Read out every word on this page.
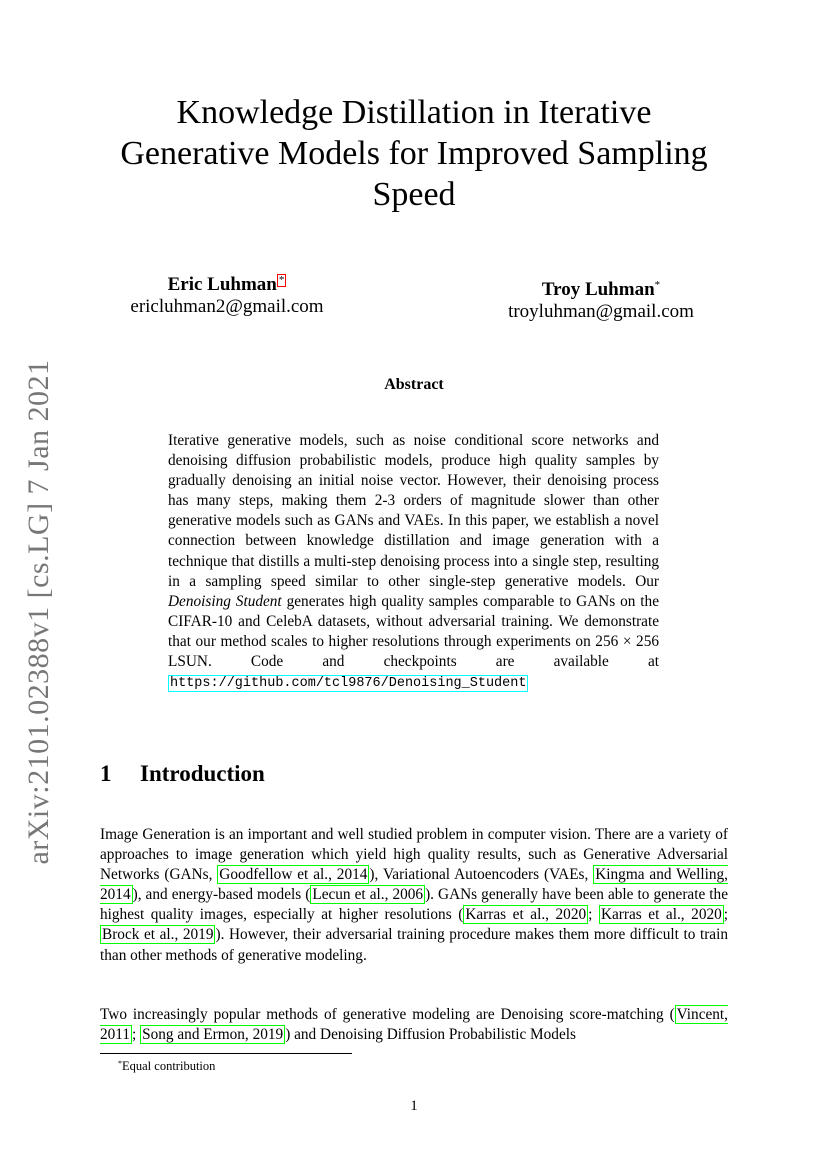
arXiv:2101.02388v1 [cs.LG] 7 Jan 2021
Knowledge Distillation in Iterative
Generative Models for Improved Sampling
Speed
Eric Luhman *
ericluhman2@gmail.com
Troy Luhman*
troyluhman@gmail.com
Abstract
Iterative generative models, such as noise conditional score networks and denoising diffusion probabilistic models, produce high quality samples by gradually denoising an initial noise vector. However, their denoising process has many steps, making them 2-3 orders of magnitude slower than other generative models such as GANs and VAEs. In this paper, we establish a novel connection between knowledge distillation and image generation with a technique that distills a multi-step denoising process into a single step, resulting in a sampling speed similar to other single-step generative models. Our Denoising Student generates high quality samples comparable to GANs on the CIFAR-10 and CelebA datasets, without adversarial training. We demonstrate that our method scales to higher resolutions through experiments on 256 × 256 LSUN. Code and checkpoints are available at https://github.com/tcl9876/Denoising_Student
1 Introduction

Image Generation is an important and well studied problem in computer vision. There are a variety of approaches to image generation which yield high quality results, such as Generative Adversarial Networks (GANs, Goodfellow et al., 2014 ), Variational Autoencoders (VAEs, Kingma and Welling, 2014 ), and energy-based models ( Lecun et al., 2006 ). GANs generally have been able to generate the highest quality images, especially at higher resolutions ( Karras et al., 2020 ; Karras et al., 2020 ; Brock et al., 2019 ). However, their adversarial training procedure makes them more difficult to train than other methods of generative modeling.

Two increasingly popular methods of generative modeling are Denoising score-matching ( Vincent, 2011 ; Song and Ermon, 2019 ) and Denoising Diffusion Probabilistic Models

*Equal contribution
1
